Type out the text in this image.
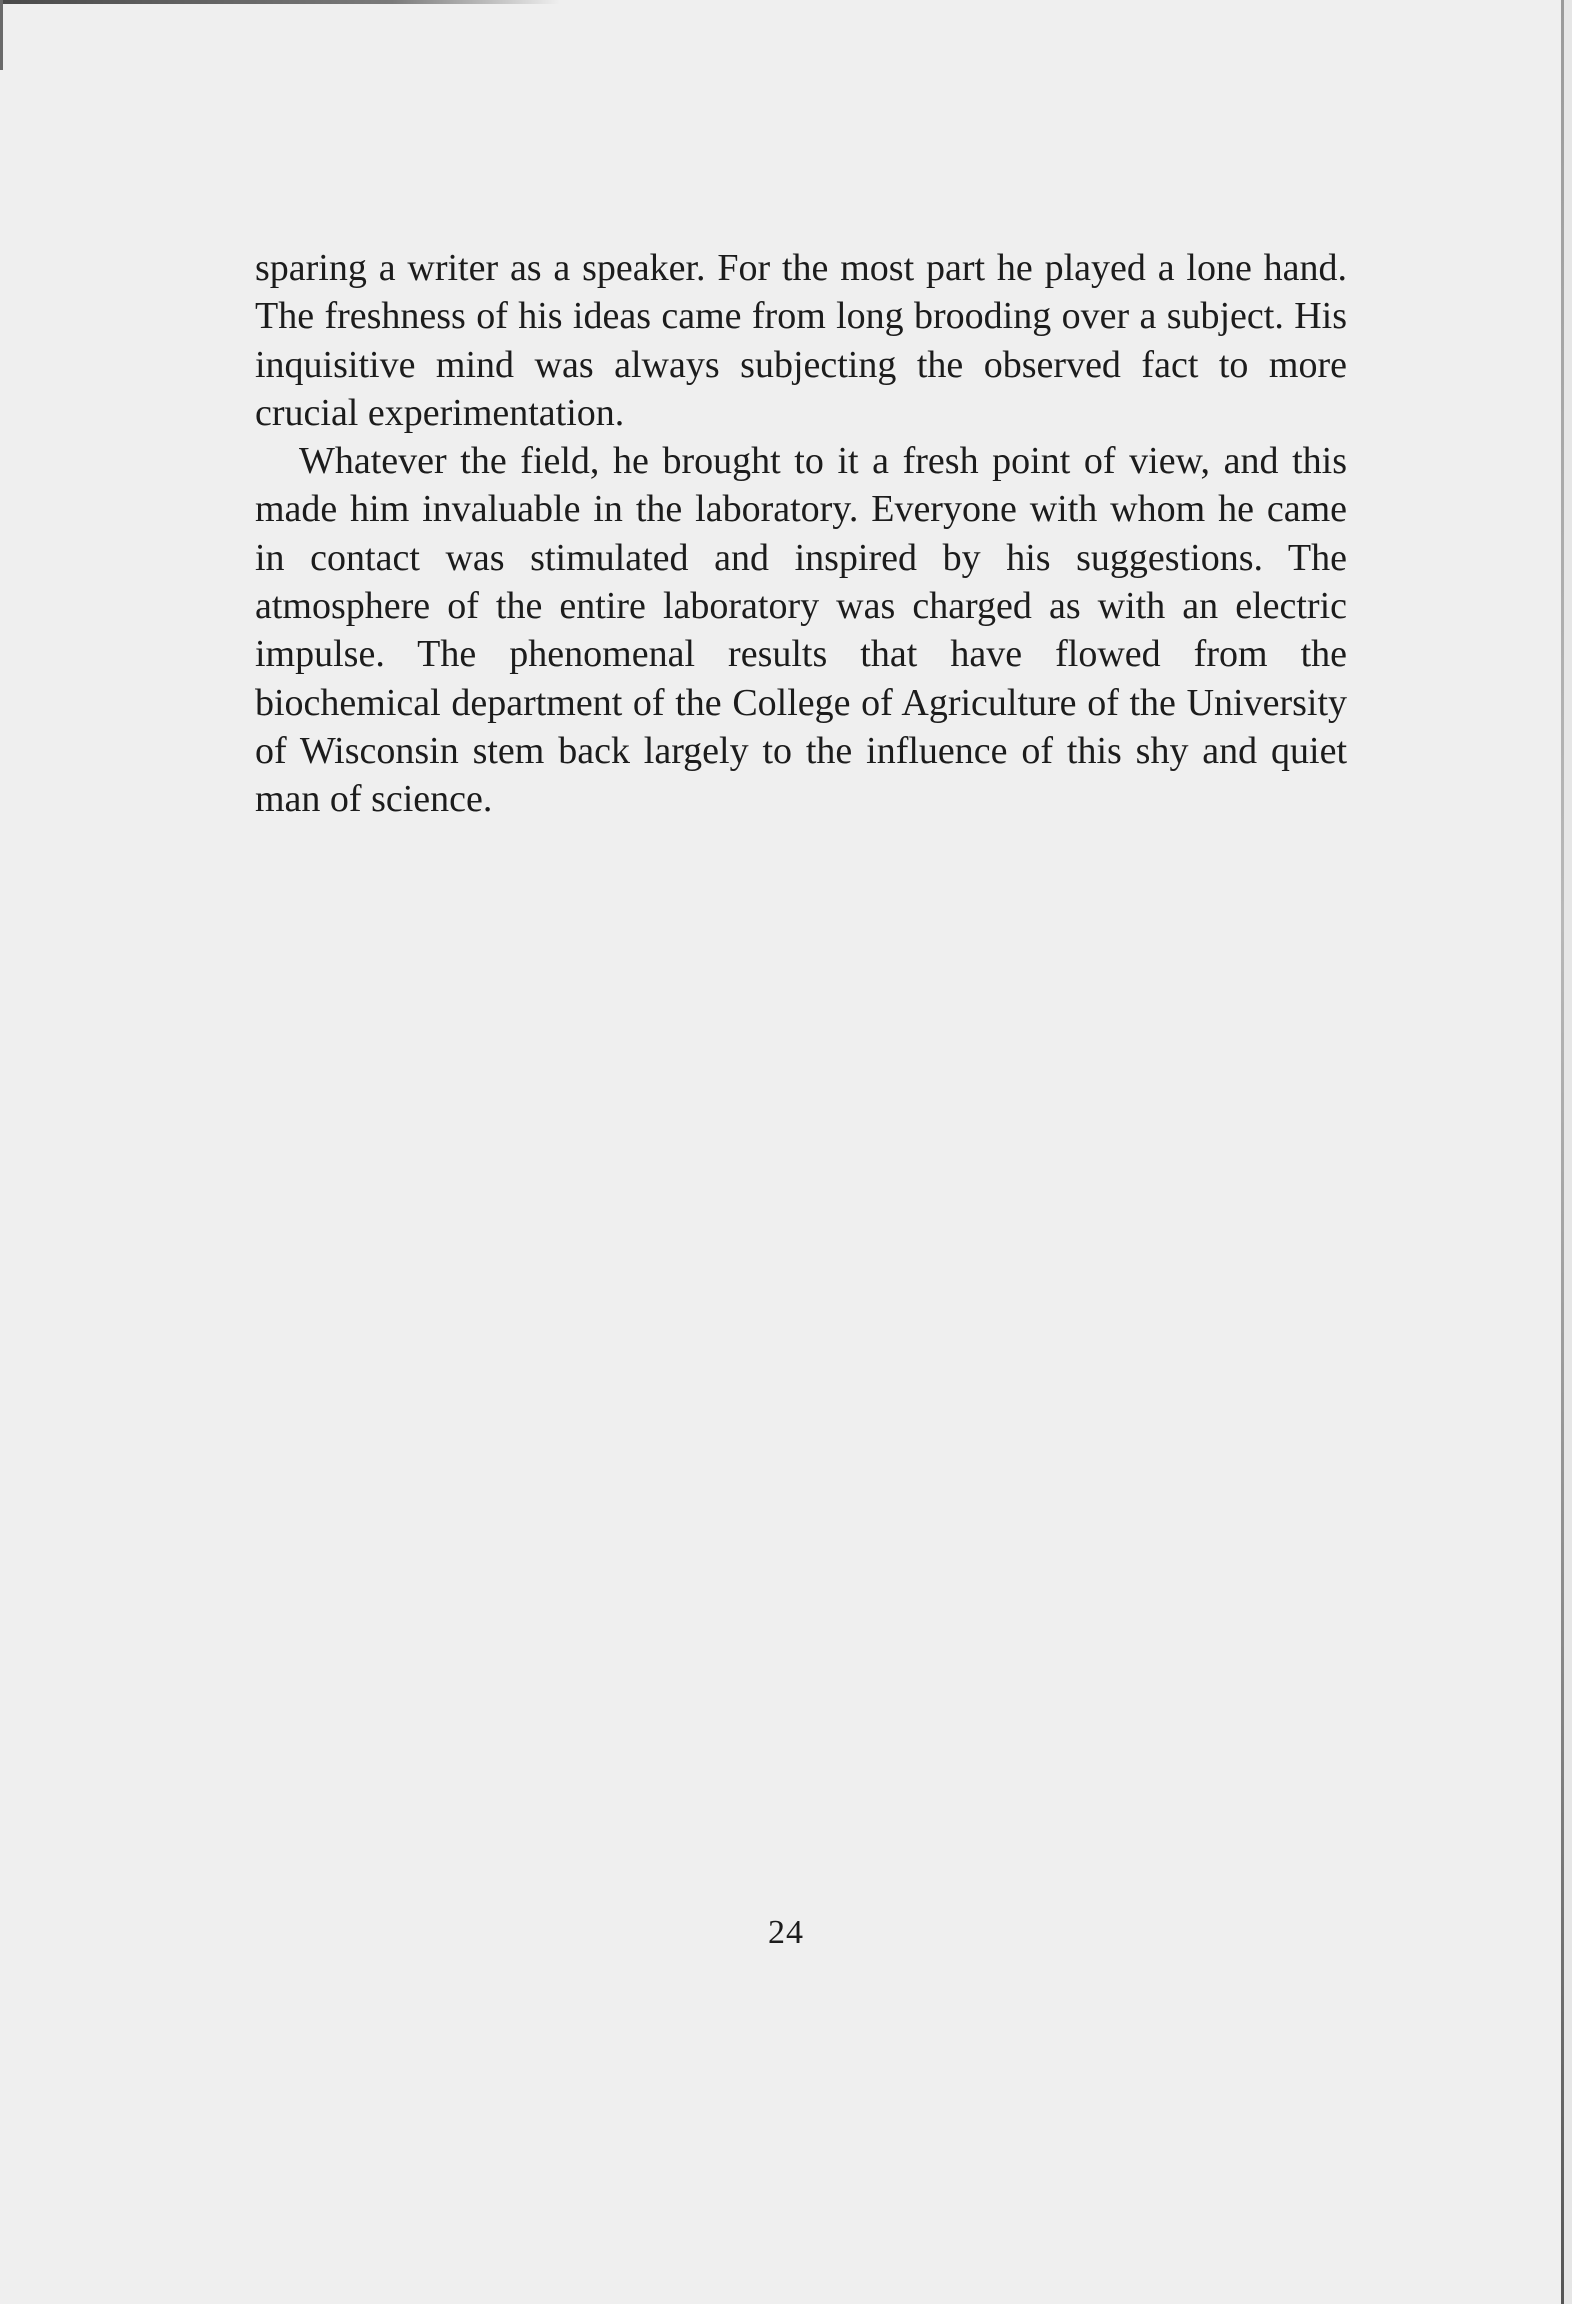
sparing a writer as a speaker. For the most part he played a lone hand. The freshness of his ideas came from long brooding over a subject. His inquisitive mind was always subjecting the observed fact to more crucial experimentation.

Whatever the field, he brought to it a fresh point of view, and this made him invaluable in the laboratory. Everyone with whom he came in contact was stimulated and inspired by his suggestions. The atmosphere of the entire laboratory was charged as with an electric impulse. The phenomenal results that have flowed from the biochemical department of the College of Agriculture of the University of Wisconsin stem back largely to the influence of this shy and quiet man of science.

24
